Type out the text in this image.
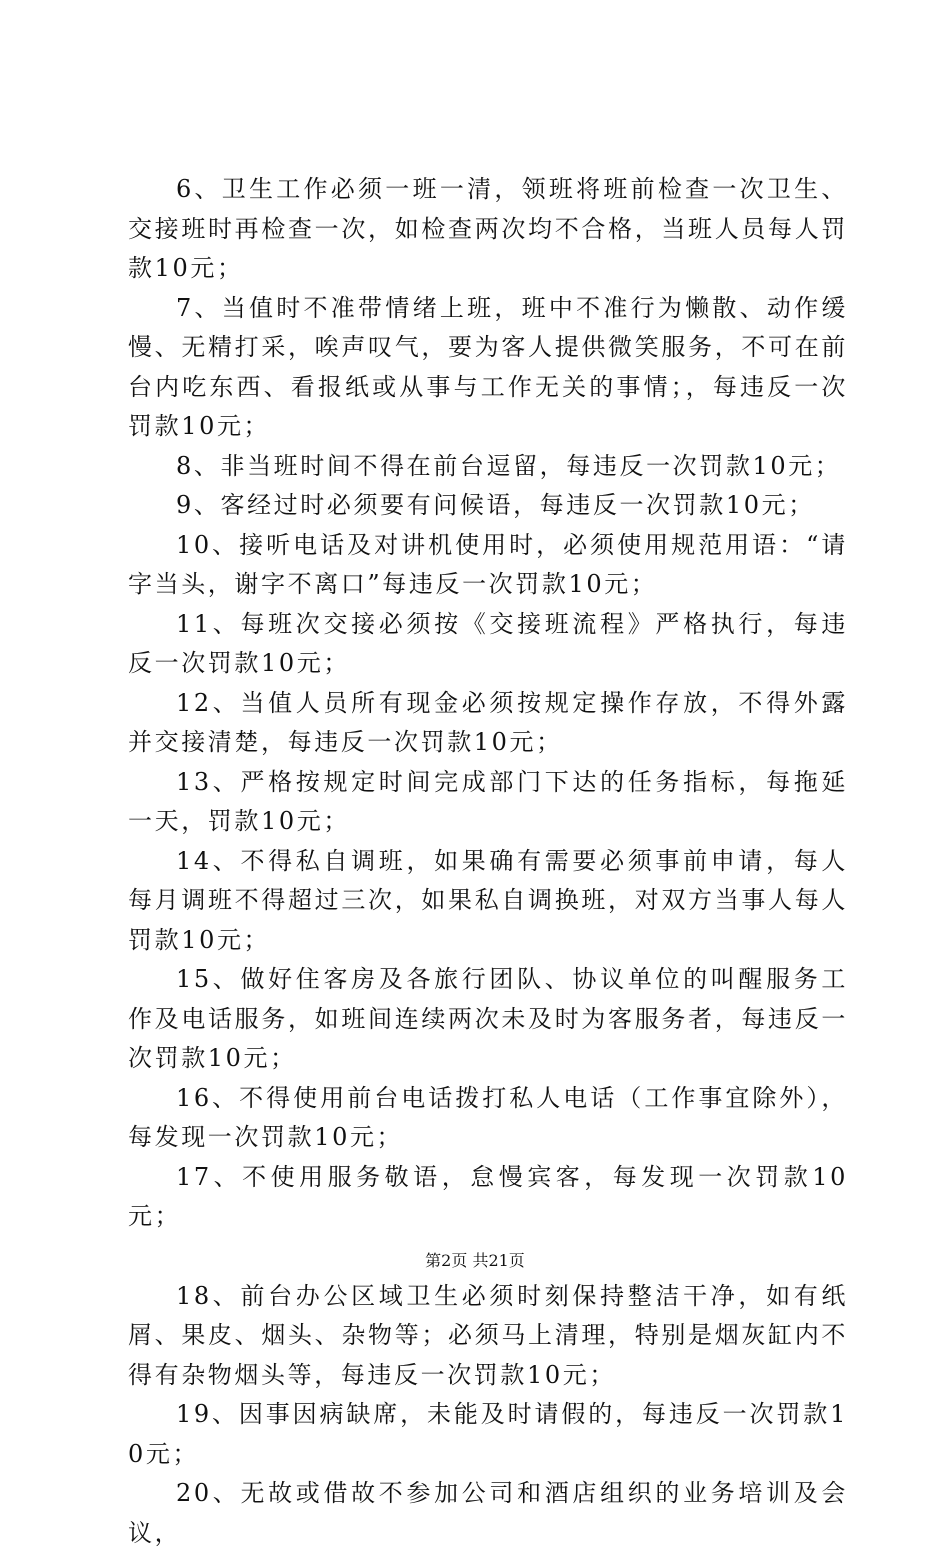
6、卫生工作必须一班一清，领班将班前检查一次卫生、交接班时再检查一次，如检查两次均不合格，当班人员每人罚款10元；

7、当值时不准带情绪上班，班中不准行为懒散、动作缓慢、无精打采，唉声叹气，要为客人提供微笑服务，不可在前台内吃东西、看报纸或从事与工作无关的事情；，每违反一次罚款10元；

8、非当班时间不得在前台逗留，每违反一次罚款10元；

9、客经过时必须要有问候语，每违反一次罚款10元；

10、接听电话及对讲机使用时，必须使用规范用语：“请字当头，谢字不离口”每违反一次罚款10元；

11、每班次交接必须按《交接班流程》严格执行，每违反一次罚款10元；

12、当值人员所有现金必须按规定操作存放，不得外露并交接清楚，每违反一次罚款10元；

13、严格按规定时间完成部门下达的任务指标，每拖延一天，罚款10元；

14、不得私自调班，如果确有需要必须事前申请，每人每月调班不得超过三次，如果私自调换班，对双方当事人每人罚款10元；

15、做好住客房及各旅行团队、协议单位的叫醒服务工作及电话服务，如班间连续两次未及时为客服务者，每违反一次罚款10元；

16、不得使用前台电话拨打私人电话（工作事宜除外），每发现一次罚款10元；

17、不使用服务敬语，怠慢宾客，每发现一次罚款10元；

18、前台办公区域卫生必须时刻保持整洁干净，如有纸屑、果皮、烟头、杂物等；必须马上清理，特别是烟灰缸内不得有杂物烟头等，每违反一次罚款10元；

19、因事因病缺席，未能及时请假的，每违反一次罚款10元；

20、无故或借故不参加公司和酒店组织的业务培训及会议，

第2页 共21页
